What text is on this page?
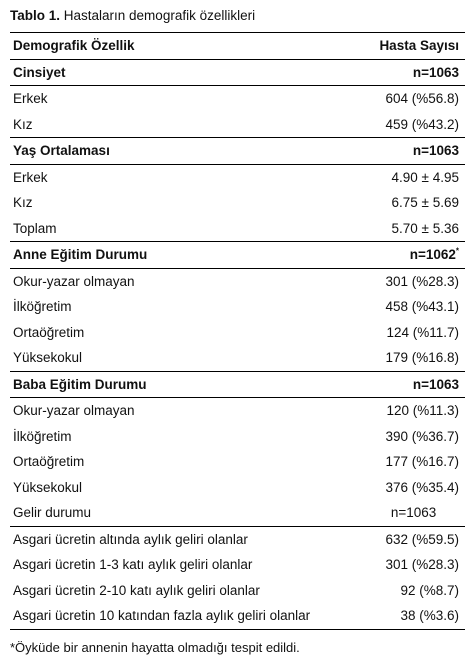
Tablo 1. Hastaların demografik özellikleri
Demografik Özellik	Hasta Sayısı
Cinsiyet	n=1063
Erkek	604 (%56.8)
Kız	459 (%43.2)
Yaş Ortalaması	n=1063
Erkek	4.90 ± 4.95
Kız	6.75 ± 5.69
Toplam	5.70 ± 5.36
Anne Eğitim Durumu	n=1062*
Okur-yazar olmayan	301 (%28.3)
İlköğretim	458 (%43.1)
Ortaöğretim	124 (%11.7)
Yüksekokul	179 (%16.8)
Baba Eğitim Durumu	n=1063
Okur-yazar olmayan	120 (%11.3)
İlköğretim	390 (%36.7)
Ortaöğretim	177 (%16.7)
Yüksekokul	376 (%35.4)
Gelir durumu	n=1063
Asgari ücretin altında aylık geliri olanlar	632 (%59.5)
Asgari ücretin 1-3 katı aylık geliri olanlar	301 (%28.3)
Asgari ücretin 2-10 katı aylık geliri olanlar	92 (%8.7)
Asgari ücretin 10 katından fazla aylık geliri olanlar	38 (%3.6)
*Öyküde bir annenin hayatta olmadığı tespit edildi.
